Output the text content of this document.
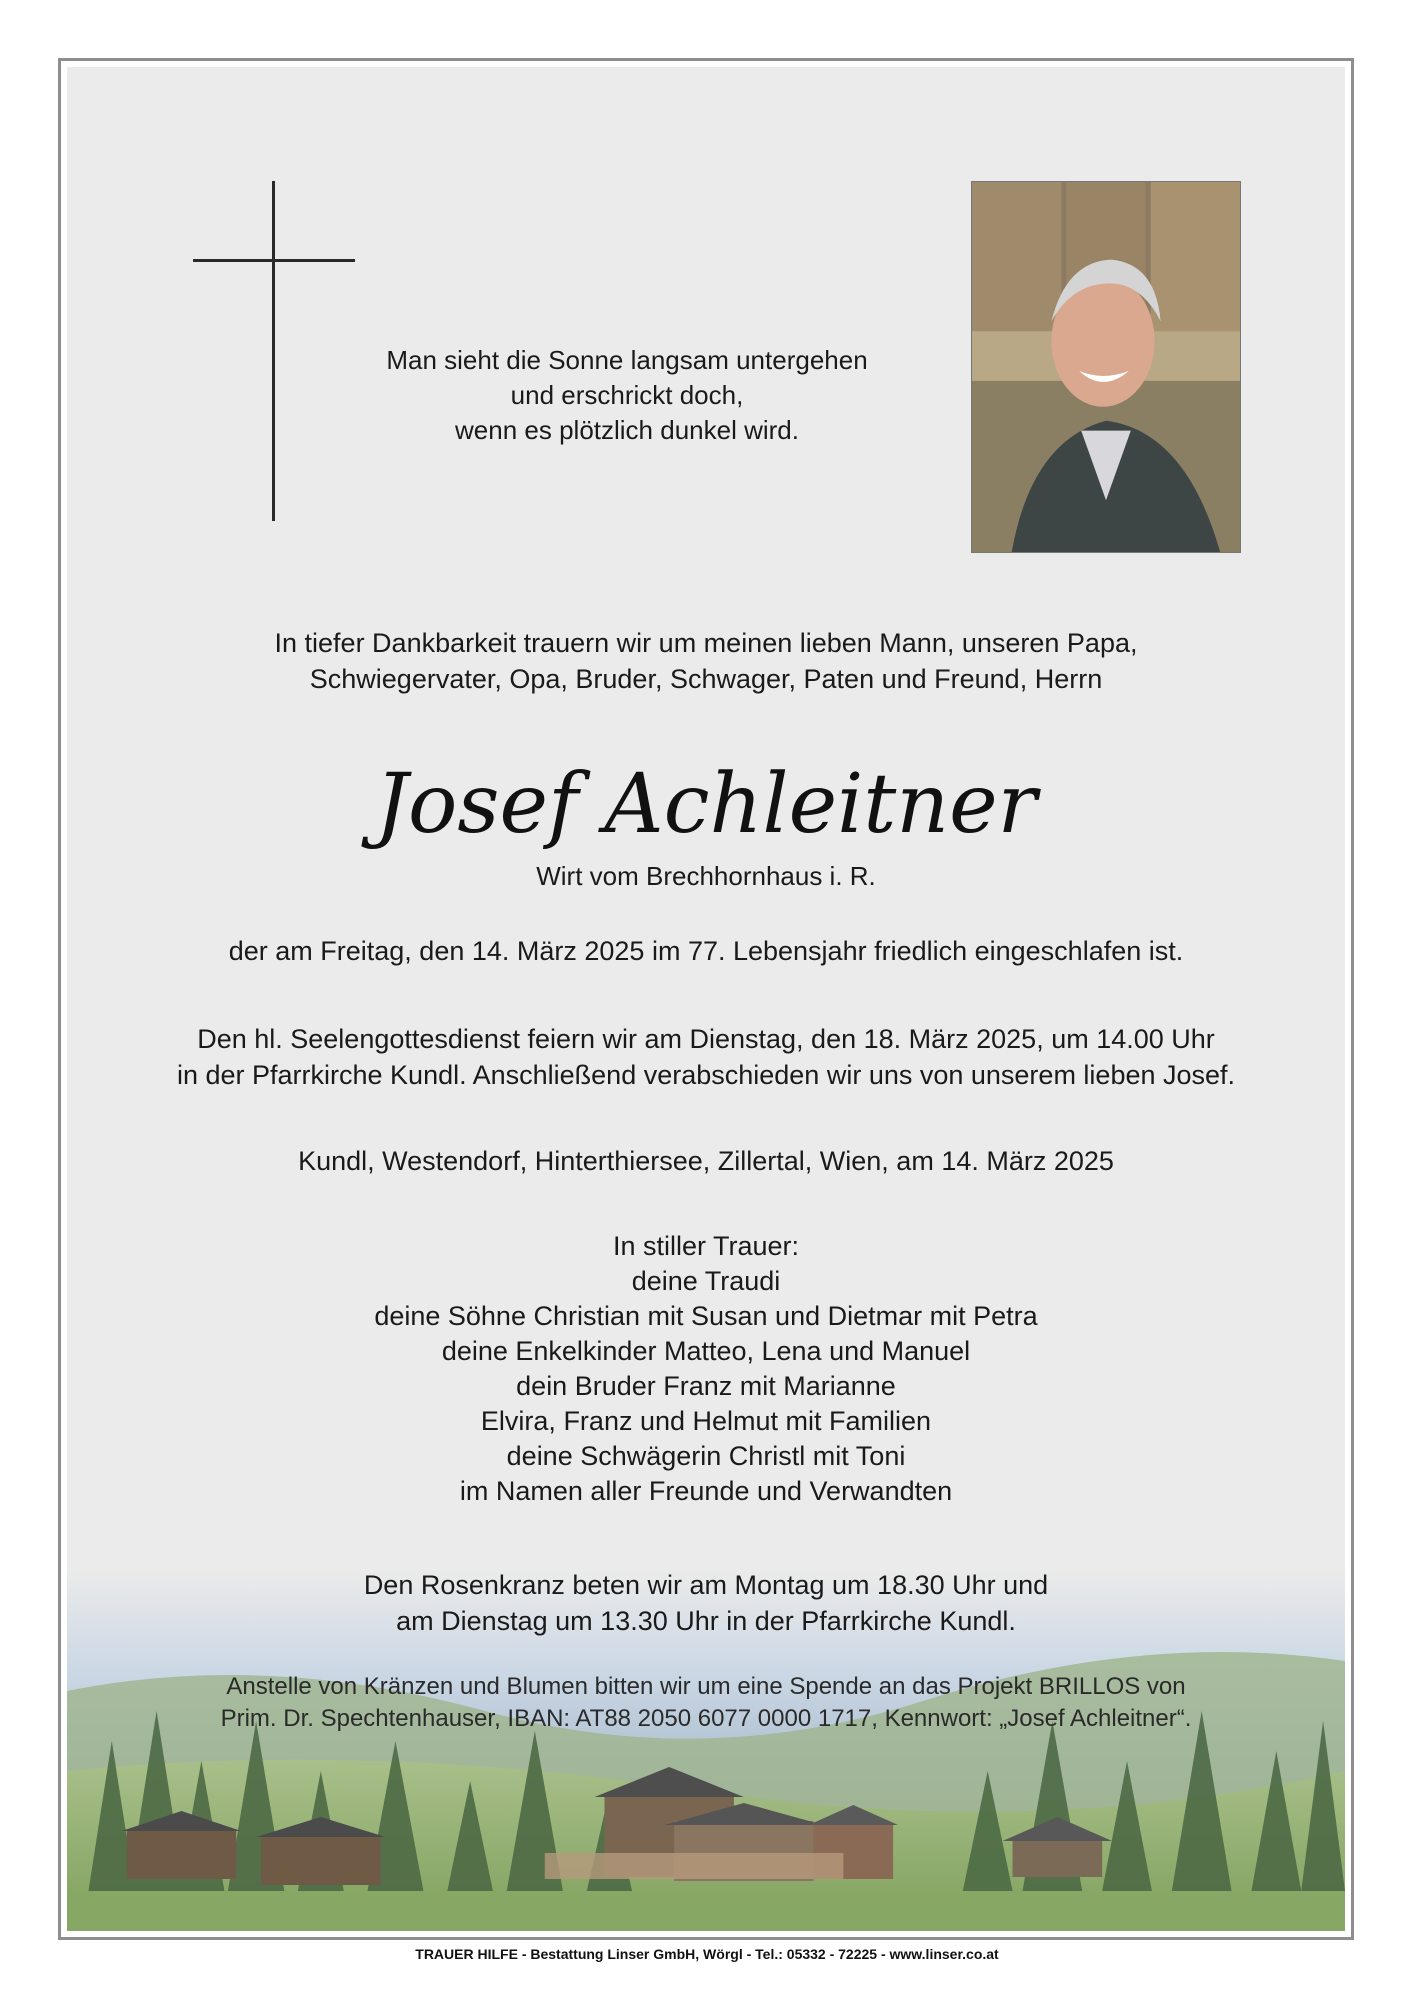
Man sieht die Sonne langsam untergehen
und erschrickt doch,
wenn es plötzlich dunkel wird.
In tiefer Dankbarkeit trauern wir um meinen lieben Mann, unseren Papa,
Schwiegervater, Opa, Bruder, Schwager, Paten und Freund, Herrn
Josef Achleitner
Wirt vom Brechhornhaus i. R.
der am Freitag, den 14. März 2025 im 77. Lebensjahr friedlich eingeschlafen ist.
Den hl. Seelengottesdienst feiern wir am Dienstag, den 18. März 2025, um 14.00 Uhr
in der Pfarrkirche Kundl. Anschließend verabschieden wir uns von unserem lieben Josef.
Kundl, Westendorf, Hinterthiersee, Zillertal, Wien, am 14. März 2025
In stiller Trauer:
deine Traudi
deine Söhne Christian mit Susan und Dietmar mit Petra
deine Enkelkinder Matteo, Lena und Manuel
dein Bruder Franz mit Marianne
Elvira, Franz und Helmut mit Familien
deine Schwägerin Christl mit Toni
im Namen aller Freunde und Verwandten
Den Rosenkranz beten wir am Montag um 18.30 Uhr und
am Dienstag um 13.30 Uhr in der Pfarrkirche Kundl.
Anstelle von Kränzen und Blumen bitten wir um eine Spende an das Projekt BRILLOS von
Prim. Dr. Spechtenhauser, IBAN: AT88 2050 6077 0000 1717, Kennwort: „Josef Achleitner“.
TRAUER HILFE - Bestattung Linser GmbH, Wörgl - Tel.: 05332 - 72225 - www.linser.co.at
